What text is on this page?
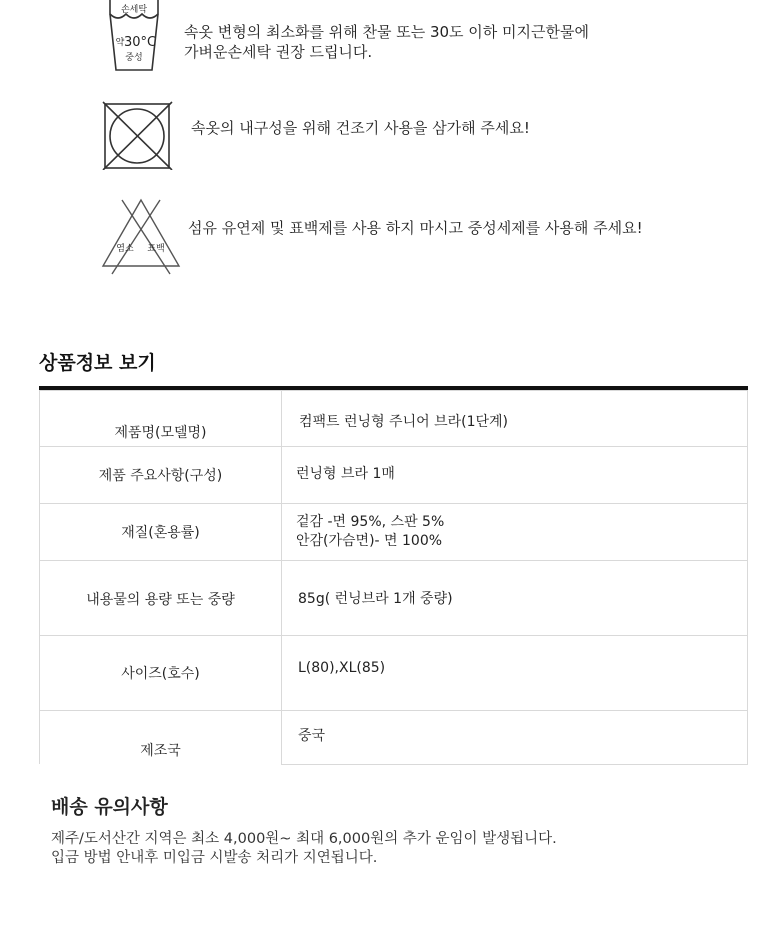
손세탁
약 30°C
중성
속옷 변형의 최소화를 위해 찬물 또는 30도 이하 미지근한물에
가벼운손세탁 권장 드립니다.
속옷의 내구성을 위해 건조기 사용을 삼가해 주세요!
염소 표백
섬유 유연제 및 표백제를 사용 하지 마시고 중성세제를 사용해 주세요!
상품정보 보기
제품명(모델명)	컴팩트 런닝형 주니어 브라(1단계)
제품 주요사항(구성)	런닝형 브라 1매
재질(혼용률)	겉감 -면 95%, 스판 5%
안감(가슴면)- 면 100%
내용물의 용량 또는 중량	85g( 런닝브라 1개 중량)
사이즈(호수)	L(80),XL(85)
제조국	중국
배송 유의사항
제주/도서산간 지역은 최소 4,000원~ 최대 6,000원의 추가 운임이 발생됩니다.
입금 방법 안내후 미입금 시발송 처리가 지연됩니다.
